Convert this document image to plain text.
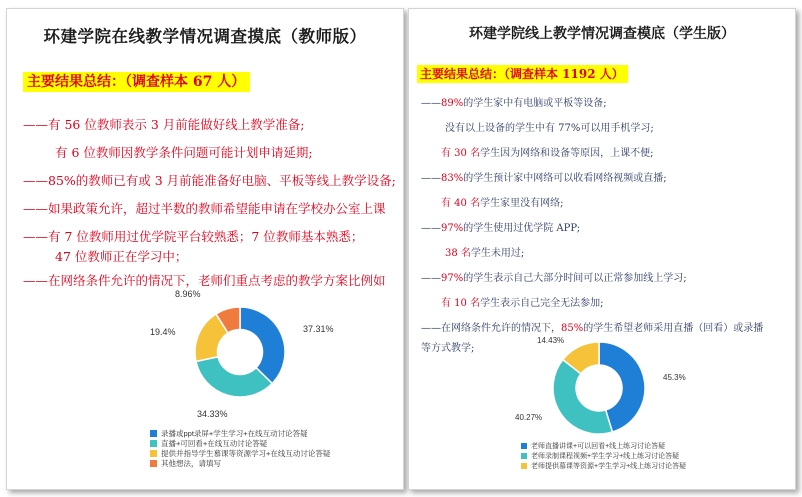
环建学院在线教学情况调查摸底（教师版）
主要结果总结：（调查样本 67 人）
——有 56 位教师表示 3 月前能做好线上教学准备;
有 6 位教师因教学条件问题可能计划申请延期;
——85%的教师已有或 3 月前能准备好电脑、平板等线上教学设备;
——如果政策允许，超过半数的教师希望能申请在学校办公室上课
——有 7 位教师用过优学院平台较熟悉；7 位教师基本熟悉；
47 位教师正在学习中；
——在网络条件允许的情况下，老师们重点考虑的教学方案比例如
8.96%
37.31%
19.4%
34.33%
录播或ppt录屏+学生学习+在线互动讨论答疑
直播+可回看+在线互动讨论答疑
提供并指导学生慕课等资源学习+在线互动讨论答疑
其他想法，请填写
环建学院线上教学情况调查模底（学生版）
主要结果总结：（调查样本 1192 人）
——89%的学生家中有电脑或平板等设备;
没有以上设备的学生中有 77%可以用手机学习;
有 30 名学生因为网络和设备等原因，上课不便;
——83%的学生预计家中网络可以收看网络视频或直播;
有 40 名学生家里没有网络;
——97%的学生使用过优学院 APP;
38 名学生未用过;
——97%的学生表示自己大部分时间可以正常参加线上学习;
有 10 名学生表示自己完全无法参加;
——在网络条件允许的情况下，85%的学生希望老师采用直播（回看）或录播
等方式教学;
14.43%
45.3%
40.27%
老师直播讲课+可以回看+线上练习讨论答疑
老师录制课程视频+学生学习+线上练习讨论答疑
老师提供慕课等资源+学生学习+线上练习讨论答疑
